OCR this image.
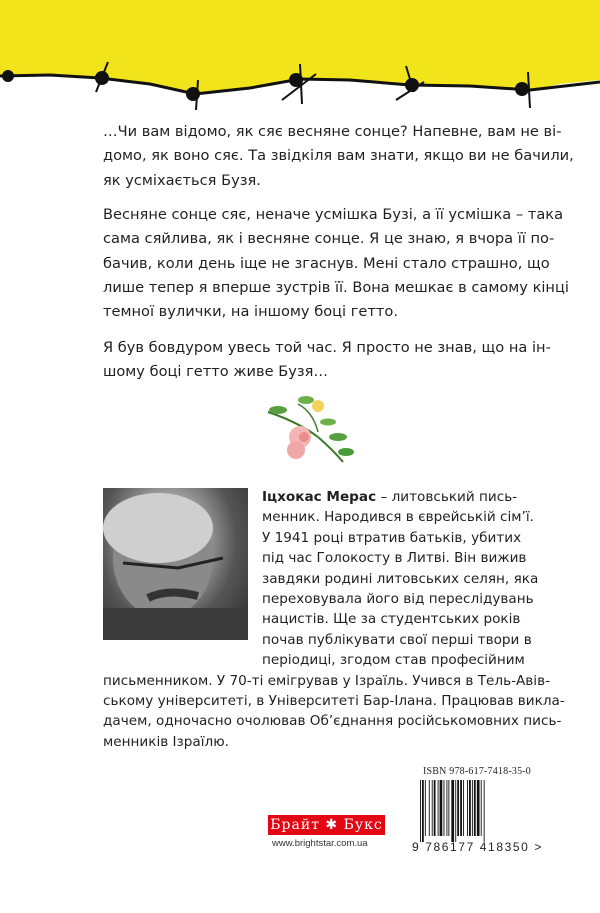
…Чи вам відомо, як сяє весняне сонце? Напевне, вам не ві-
домо, як воно сяє. Та звідкіля вам знати, якщо ви не бачили,
як усміхається Бузя.
Весняне сонце сяє, неначе усмішка Бузі, а її усмішка – така
сама сяйлива, як і весняне сонце. Я це знаю, я вчора її по-
бачив, коли день іще не згаснув. Мені стало страшно, що
лише тепер я вперше зустрів її. Вона мешкає в самому кінці
темної вулички, на іншому боці гетто.
Я був бовдуром увесь той час. Я просто не знав, що на ін-
шому боці гетто живе Бузя…
Іцхокас Мерас – литовський пись-
менник. Народився в єврейській сім’ї.
У 1941 році втратив батьків, убитих
під час Голокосту в Литві. Він вижив
завдяки родині литовських селян, яка
переховувала його від переслідувань
нацистів. Ще за студентських років
почав публікувати свої перші твори в
періодиці, згодом став професійним
письменником. У 70-ті емігрував у Ізраїль. Учився в Тель-Авів-
ському університеті, в Університеті Бар-Ілана. Працював викла-
дачем, одночасно очолював Об’єднання російськомовних пись-
менників Ізраїлю.
Брайт ✱ Букс
www.brightstar.com.ua
ISBN 978-617-7418-35-0
9 786177 418350 >
